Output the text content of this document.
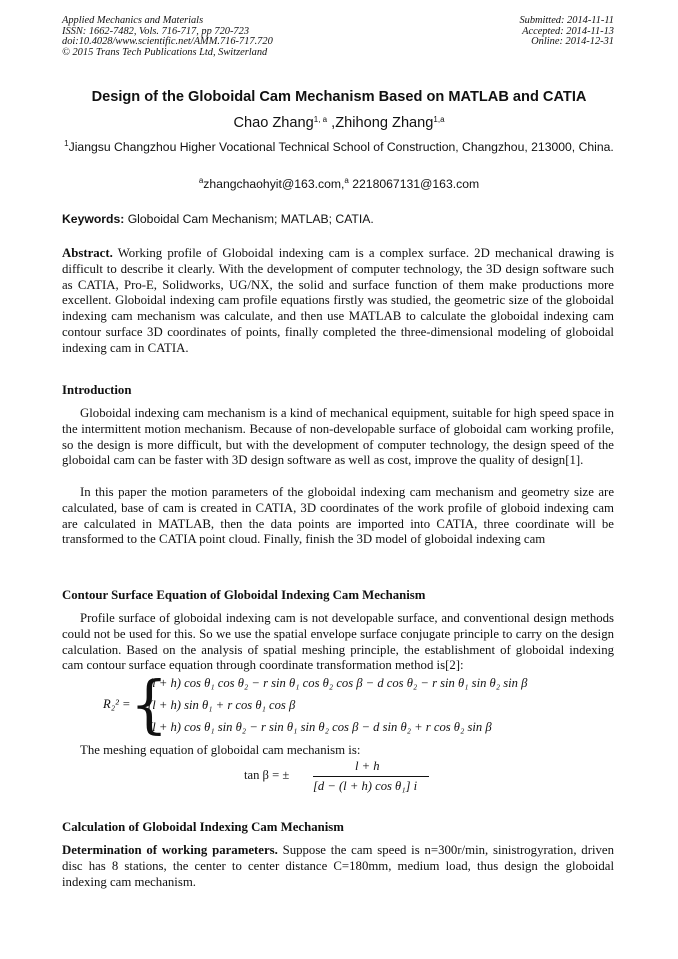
Applied Mechanics and Materials
ISSN: 1662-7482, Vols. 716-717, pp 720-723
doi:10.4028/www.scientific.net/AMM.716-717.720
© 2015 Trans Tech Publications Ltd, Switzerland
Submitted: 2014-11-11
Accepted: 2014-11-13
Online: 2014-12-31
Design of the Globoidal Cam Mechanism Based on MATLAB and CATIA
Chao Zhang$^{1, a}$ ,Zhihong Zhang$^{1,a}$
$^1$Jiangsu Changzhou Higher Vocational Technical School of Construction, Changzhou, 213000, China.
$^a$zhangchaohyit@163.com,$^a$ 2218067131@163.com
Keywords: Globoidal Cam Mechanism; MATLAB; CATIA.
Abstract. Working profile of Globoidal indexing cam is a complex surface. 2D mechanical drawing is difficult to describe it clearly. With the development of computer technology, the 3D design software such as CATIA, Pro-E, Solidworks, UG/NX, the solid and surface function of them make productions more excellent. Globoidal indexing cam profile equations firstly was studied, the geometric size of the globoidal indexing cam mechanism was calculate, and then use MATLAB to calculate the globoidal indexing cam contour surface 3D coordinates of points, finally completed the three-dimensional modeling of globoidal indexing cam in CATIA.
Introduction
Globoidal indexing cam mechanism is a kind of mechanical equipment, suitable for high speed space in the intermittent motion mechanism. Because of non-developable surface of globoidal cam working profile, so the design is more difficult, but with the development of computer technology, the design speed of the globoidal cam can be faster with 3D design software as well as cost, improve the quality of design[1].
In this paper the motion parameters of the globoidal indexing cam mechanism and geometry size are calculated, base of cam is created in CATIA, 3D coordinates of the work profile of globoid indexing cam are calculated in MATLAB, then the data points are imported into CATIA, three coordinate will be transformed to the CATIA point cloud. Finally, finish the 3D model of globoidal indexing cam
Contour Surface Equation of Globoidal Indexing Cam Mechanism
Profile surface of globoidal indexing cam is not developable surface, and conventional design methods could not be used for this. So we use the spatial envelope surface conjugate principle to carry on the design calculation. Based on the analysis of spatial meshing principle, the establishment of globoidal indexing cam contour surface equation through coordinate transformation method is[2]:
R₂² = {
(l + h) cos θ₁ cos θ₂ − r sin θ₁ cos θ₂ cos β − d cos θ₂ − r sin θ₁ sin θ₂ sin β
(l + h) sin θ₁ + r cos θ₁ cos β
(l + h) cos θ₁ sin θ₂ − r sin θ₁ sin θ₂ cos β − d sin θ₂ + r cos θ₂ sin β
The meshing equation of globoidal cam mechanism is:
tan β = ±
l + h
[d − (l + h) cos θ₁] i
Calculation of Globoidal Indexing Cam Mechanism
Determination of working parameters. Suppose the cam speed is n=300r/min, sinistrogyration, driven disc has 8 stations, the center to center distance C=180mm, medium load, thus design the globoidal indexing cam mechanism.
